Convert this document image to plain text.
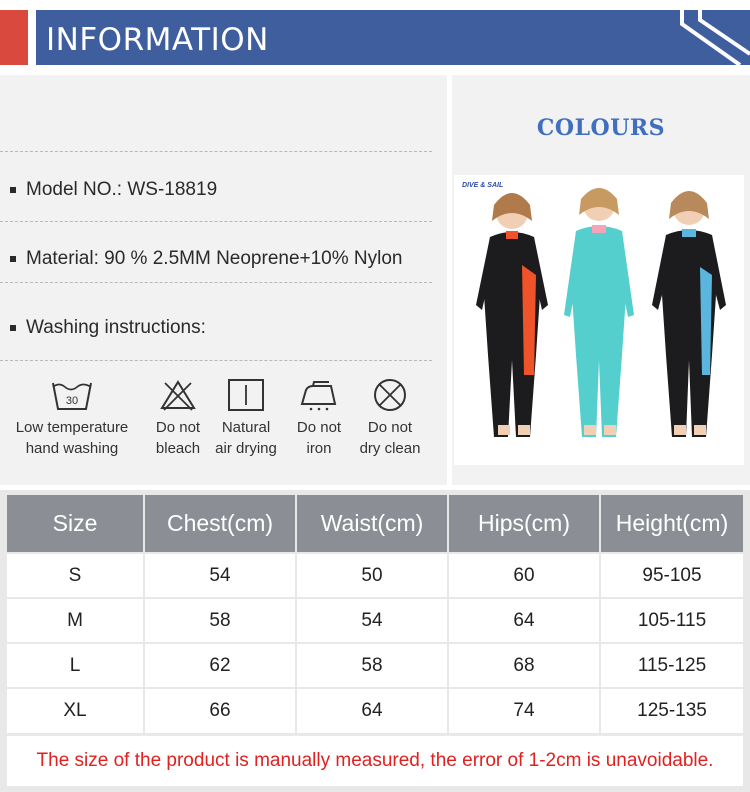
INFORMATION
Model NO.: WS-18819
Material: 90 % 2.5MM Neoprene+10% Nylon
Washing instructions:
30
Low temperature
hand washing
Do not
bleach
Natural
air drying
Do not
iron
Do not
dry clean
COLOURS
DIVE & SAIL
Size	Chest(cm)	Waist(cm)	Hips(cm)	Height(cm)
S	54	50	60	95-105
M	58	54	64	105-115
L	62	58	68	115-125
XL	66	64	74	125-135
The size of the product is manually measured, the error of 1-2cm is unavoidable.
